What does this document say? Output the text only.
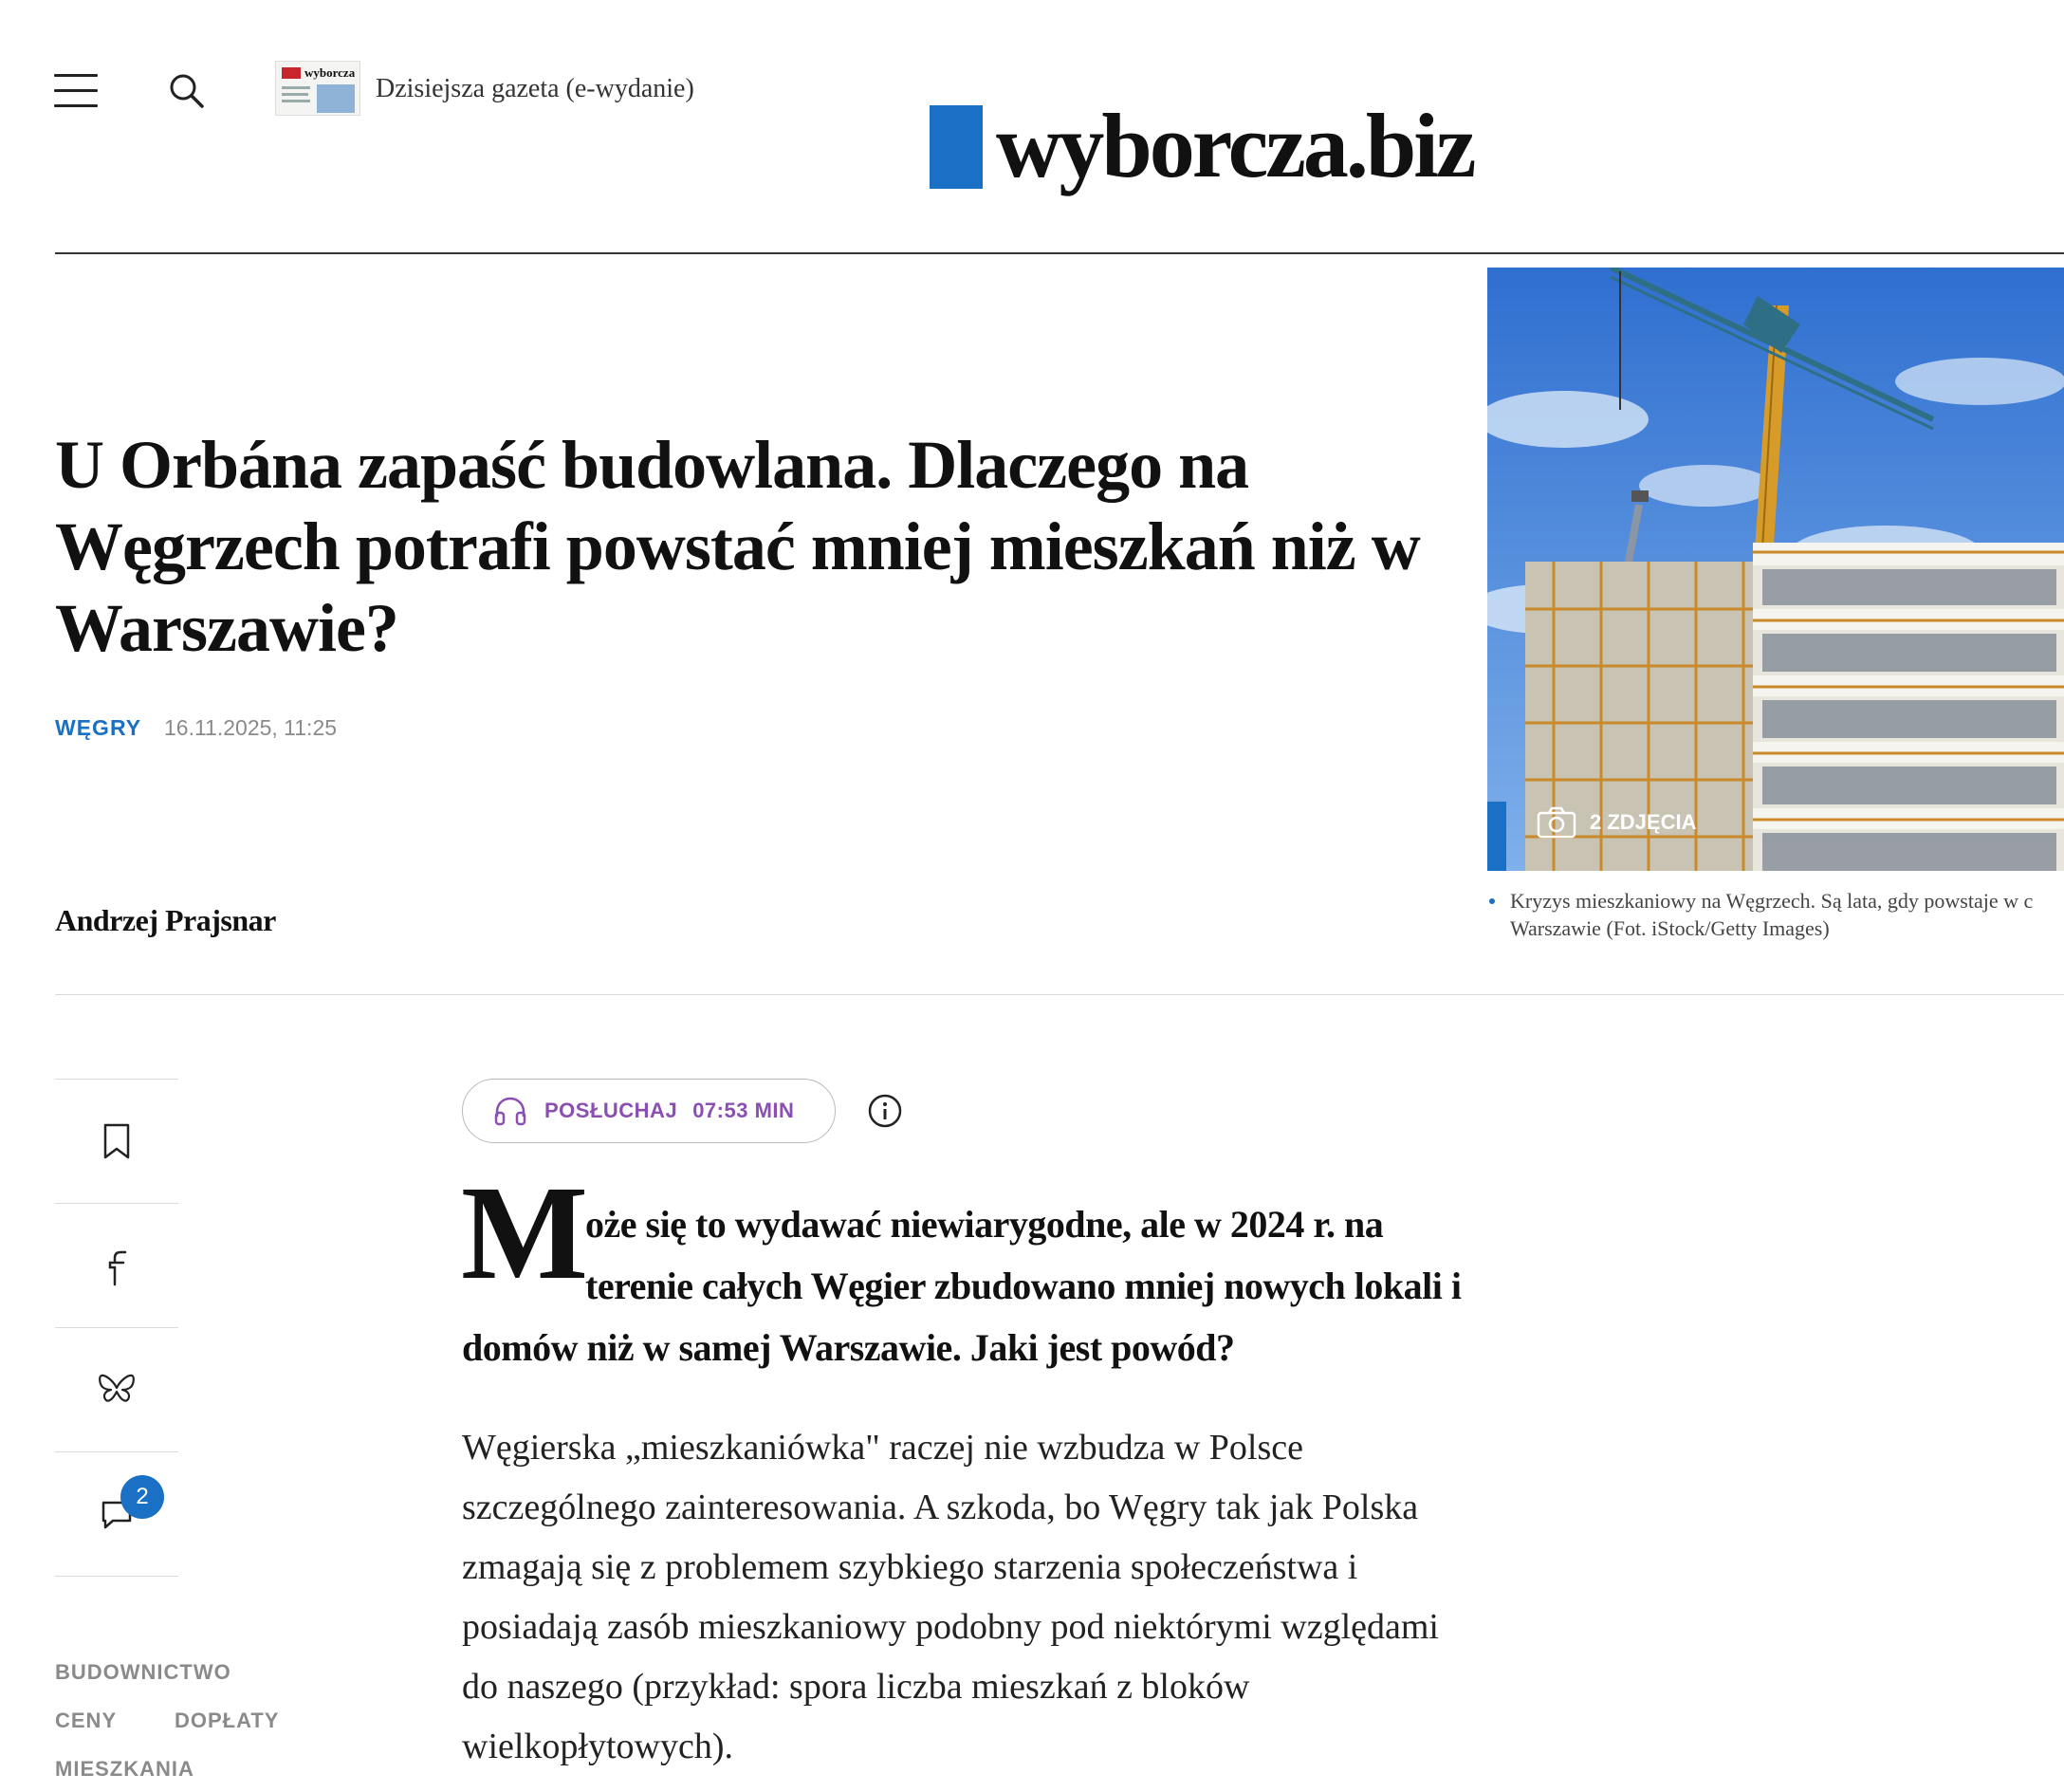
wyborcza
Dzisiejsza gazeta (e-wydanie)
wyborcza.biz
U Orbána zapaść budowlana. Dlaczego na Węgrzech potrafi powstać mniej mieszkań niż w Warszawie?
WĘGRY 16.11.2025, 11:25
Andrzej Prajsnar
2 ZDJĘCIA
Kryzys mieszkaniowy na Węgrzech. Są lata, gdy powstaje w c
Warszawie (Fot. iStock/Getty Images)
2
BUDOWNICTWO
CENY	DOPŁATY
MIESZKANIA
POSŁUCHAJ 07:53 MIN
M
oże się to wydawać niewiarygodne, ale w 2024 r. na
terenie całych Węgier zbudowano mniej nowych lokali i
domów niż w samej Warszawie. Jaki jest powód?
Węgierska „mieszkaniówka" raczej nie wzbudza w Polsce
szczególnego zainteresowania. A szkoda, bo Węgry tak jak Polska
zmagają się z problemem szybkiego starzenia społeczeństwa i
posiadają zasób mieszkaniowy podobny pod niektórymi względami
do naszego (przykład: spora liczba mieszkań z bloków
wielkopłytowych).
